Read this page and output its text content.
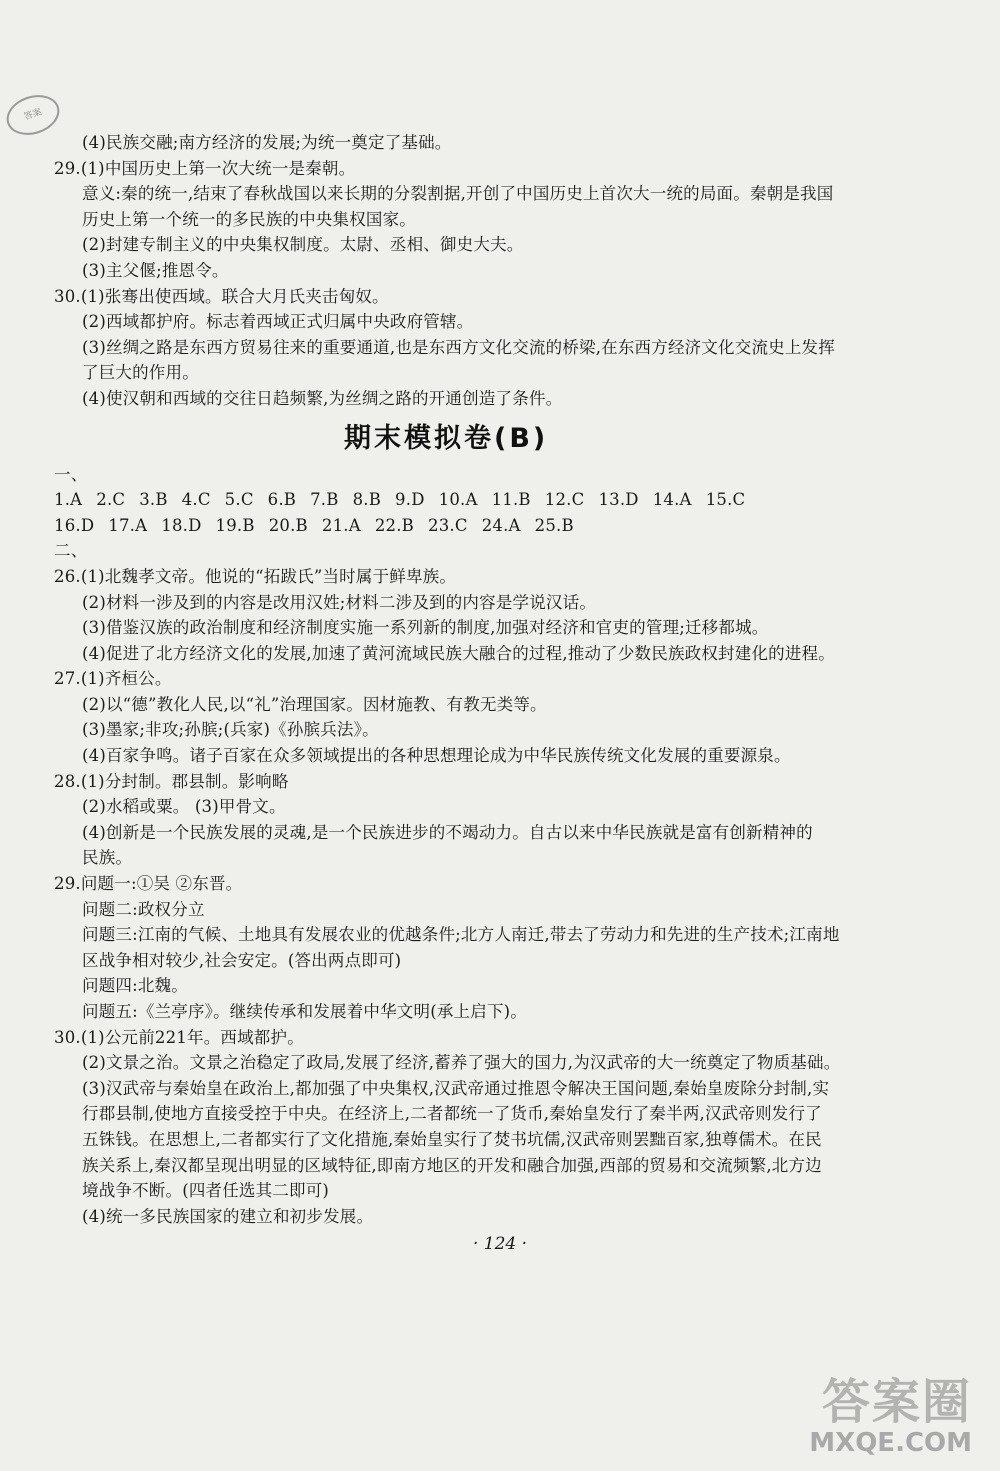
答案
(4)民族交融;南方经济的发展;为统一奠定了基础。
29.(1)中国历史上第一次大统一是秦朝。
意义:秦的统一,结束了春秋战国以来长期的分裂割据,开创了中国历史上首次大一统的局面。秦朝是我国
历史上第一个统一的多民族的中央集权国家。
(2)封建专制主义的中央集权制度。太尉、丞相、御史大夫。
(3)主父偃;推恩令。
30.(1)张骞出使西域。联合大月氏夹击匈奴。
(2)西域都护府。标志着西域正式归属中央政府管辖。
(3)丝绸之路是东西方贸易往来的重要通道,也是东西方文化交流的桥梁,在东西方经济文化交流史上发挥
了巨大的作用。
(4)使汉朝和西域的交往日趋频繁,为丝绸之路的开通创造了条件。
期末模拟卷(B)
一、
1.A 2.C 3.B 4.C 5.C 6.B 7.B 8.B 9.D 10.A 11.B 12.C 13.D 14.A 15.C
16.D 17.A 18.D 19.B 20.B 21.A 22.B 23.C 24.A 25.B
二、
26.(1)北魏孝文帝。他说的“拓跋氏”当时属于鲜卑族。
(2)材料一涉及到的内容是改用汉姓;材料二涉及到的内容是学说汉话。
(3)借鉴汉族的政治制度和经济制度实施一系列新的制度,加强对经济和官吏的管理;迁移都城。
(4)促进了北方经济文化的发展,加速了黄河流域民族大融合的过程,推动了少数民族政权封建化的进程。
27.(1)齐桓公。
(2)以“德”教化人民,以“礼”治理国家。因材施教、有教无类等。
(3)墨家;非攻;孙膑;(兵家)《孙膑兵法》。
(4)百家争鸣。诸子百家在众多领域提出的各种思想理论成为中华民族传统文化发展的重要源泉。
28.(1)分封制。郡县制。影响略
(2)水稻或粟。 (3)甲骨文。
(4)创新是一个民族发展的灵魂,是一个民族进步的不竭动力。自古以来中华民族就是富有创新精神的
民族。
29.问题一:①吴 ②东晋。
问题二:政权分立
问题三:江南的气候、土地具有发展农业的优越条件;北方人南迁,带去了劳动力和先进的生产技术;江南地
区战争相对较少,社会安定。(答出两点即可)
问题四:北魏。
问题五:《兰亭序》。继续传承和发展着中华文明(承上启下)。
30.(1)公元前221年。西域都护。
(2)文景之治。文景之治稳定了政局,发展了经济,蓄养了强大的国力,为汉武帝的大一统奠定了物质基础。
(3)汉武帝与秦始皇在政治上,都加强了中央集权,汉武帝通过推恩令解决王国问题,秦始皇废除分封制,实
行郡县制,使地方直接受控于中央。在经济上,二者都统一了货币,秦始皇发行了秦半两,汉武帝则发行了
五铢钱。在思想上,二者都实行了文化措施,秦始皇实行了焚书坑儒,汉武帝则罢黜百家,独尊儒术。在民
族关系上,秦汉都呈现出明显的区域特征,即南方地区的开发和融合加强,西部的贸易和交流频繁,北方边
境战争不断。(四者任选其二即可)
(4)统一多民族国家的建立和初步发展。
· 124 ·
答案圈
MXQE.COM
